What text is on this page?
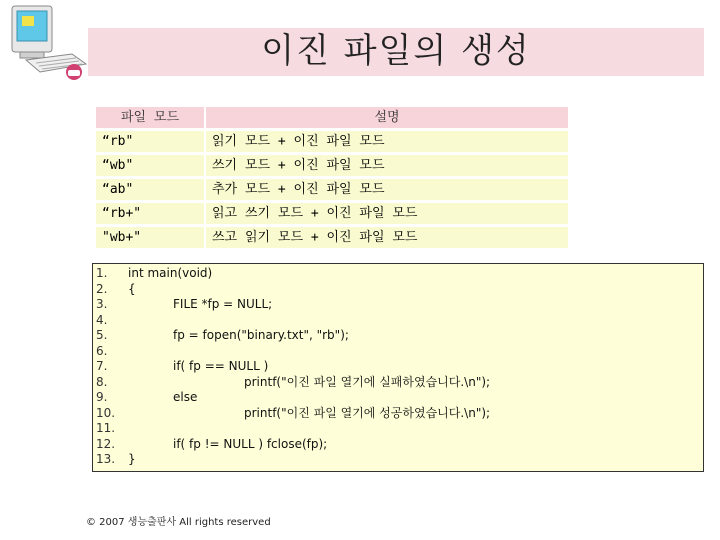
이진 파일의 생성
파일 모드	설명
“rb"	읽기 모드 + 이진 파일 모드
“wb"	쓰기 모드 + 이진 파일 모드
“ab"	추가 모드 + 이진 파일 모드
“rb+"	읽고 쓰기 모드 + 이진 파일 모드
"wb+"	쓰고 읽기 모드 + 이진 파일 모드
1.
2.
3.
4.
5.
6.
7.
8.
9.
10.
11.
12.
13.
int main(void)
{
FILE *fp = NULL;
fp = fopen("binary.txt", "rb");
if( fp == NULL )
printf("이진 파일 열기에 실패하였습니다.\n");
else
printf("이진 파일 열기에 성공하였습니다.\n");
if( fp != NULL ) fclose(fp);
}
© 2007 생능출판사 All rights reserved
